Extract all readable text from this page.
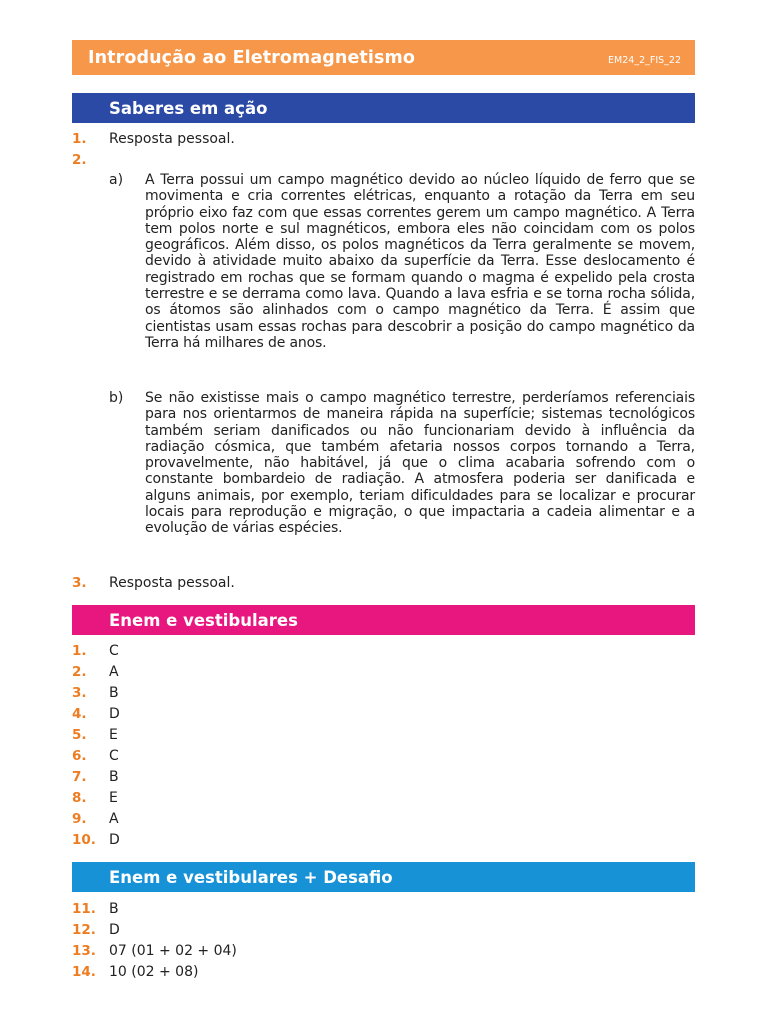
Introdução ao Eletromagnetismo	EM24_2_FIS_22
Saberes em ação
1. Resposta pessoal.
2.
a) A Terra possui um campo magnético devido ao núcleo líquido de ferro que se movimenta e cria correntes elétricas, enquanto a rotação da Terra em seu próprio eixo faz com que essas correntes gerem um campo magnético. A Terra tem polos norte e sul magnéticos, embora eles não coincidam com os polos geográficos. Além disso, os polos magnéticos da Terra geralmente se movem, devido à atividade muito abaixo da superfície da Terra. Esse deslocamento é registrado em rochas que se formam quando o magma é expelido pela crosta terrestre e se derrama como lava. Quando a lava esfria e se torna rocha sólida, os átomos são alinhados com o campo magnético da Terra. É assim que cientistas usam essas rochas para descobrir a posição do campo magnético da Terra há milhares de anos.
b) Se não existisse mais o campo magnético terrestre, perderíamos referenciais para nos orientarmos de maneira rápida na superfície; sistemas tecnológicos também seriam danificados ou não funcionariam devido à influência da radiação cósmica, que também afetaria nossos corpos tornando a Terra, provavelmente, não habitável, já que o clima acabaria sofrendo com o constante bombardeio de radiação. A atmosfera poderia ser danificada e alguns animais, por exemplo, teriam dificuldades para se localizar e procurar locais para reprodução e migração, o que impactaria a cadeia alimentar e a evolução de várias espécies.
3. Resposta pessoal.
Enem e vestibulares
1. C
2. A
3. B
4. D
5. E
6. C
7. B
8. E
9. A
10. D
Enem e vestibulares + Desafio
11. B
12. D
13. 07 (01 + 02 + 04)
14. 10 (02 + 08)
